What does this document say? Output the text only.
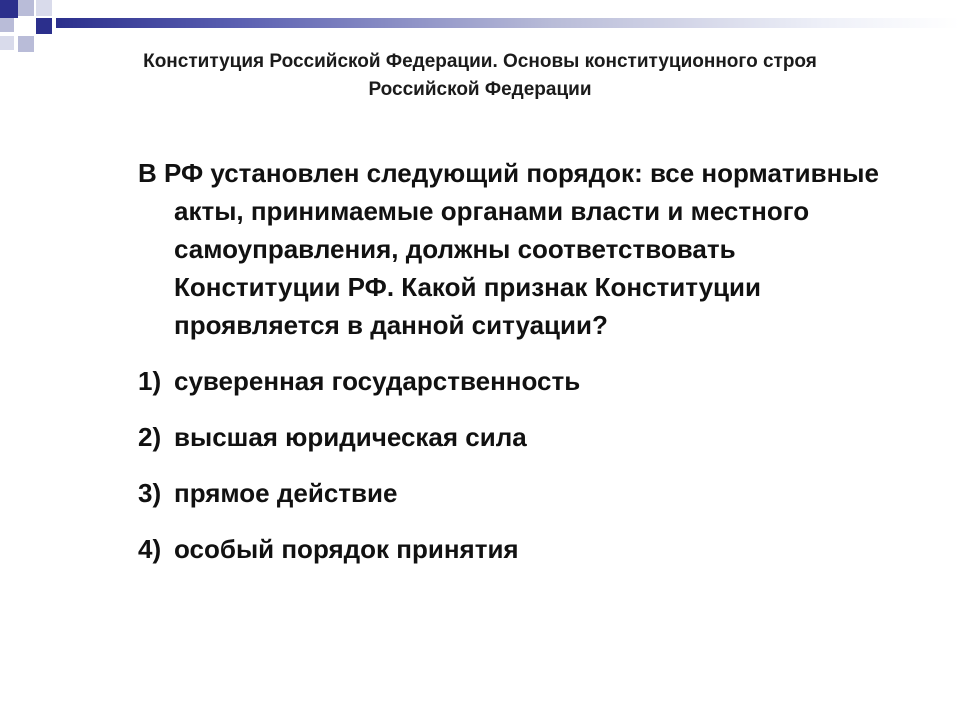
Конституция Российской Федерации. Основы конституционного строя Российской Федерации

В РФ установлен следующий порядок: все нормативные акты, принимаемые органами власти и местного самоуправления, должны соответствовать Конституции РФ. Какой признак Конституции проявляется в данной ситуации?

1) суверенная государственность
2) высшая юридическая сила
3) прямое действие
4) особый порядок принятия
